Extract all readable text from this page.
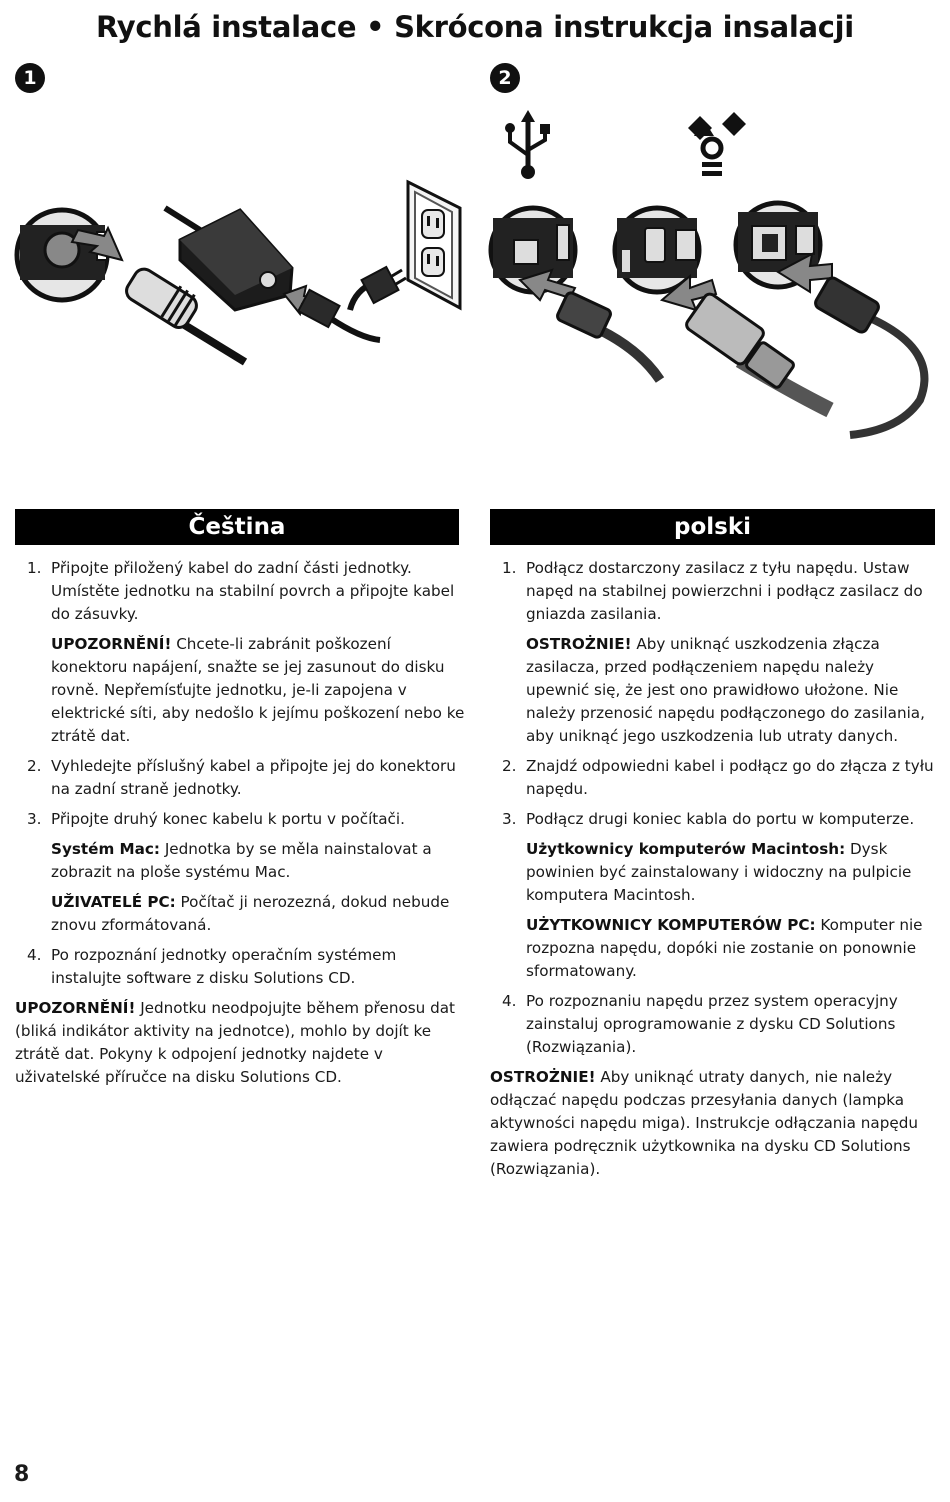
Rychlá instalace • Skrócona instrukcja insalacji
1	2
Čeština	polski
1. Připojte přiložený kabel do zadní části jednotky. Umístěte jednotku na stabilní povrch a připojte kabel do zásuvky.

UPOZORNĚNÍ! Chcete-li zabránit poškození konektoru napájení, snažte se jej zasunout do disku rovně. Nepřemísťujte jednotku, je-li zapojena v elektrické síti, aby nedošlo k jejímu poškození nebo ke ztrátě dat.

2. Vyhledejte příslušný kabel a připojte jej do konektoru na zadní straně jednotky.
3. Připojte druhý konec kabelu k portu v počítači.

Systém Mac: Jednotka by se měla nainstalovat a zobrazit na ploše systému Mac.

UŽIVATELÉ PC: Počítač ji nerozezná, dokud nebude znovu zformátovaná.

4. Po rozpoznání jednotky operačním systémem instalujte software z disku Solutions CD.

UPOZORNĚNÍ! Jednotku neodpojujte během přenosu dat (bliká indikátor aktivity na jednotce), mohlo by dojít ke ztrátě dat. Pokyny k odpojení jednotky najdete v uživatelské příručce na disku Solutions CD.

1. Podłącz dostarczony zasilacz z tyłu napędu. Ustaw napęd na stabilnej powierzchni i podłącz zasilacz do gniazda zasilania.

OSTROŻNIE! Aby uniknąć uszkodzenia złącza zasilacza, przed podłączeniem napędu należy upewnić się, że jest ono prawidłowo ułożone. Nie należy przenosić napędu podłączonego do zasilania, aby uniknąć jego uszkodzenia lub utraty danych.

2. Znajdź odpowiedni kabel i podłącz go do złącza z tyłu napędu.
3. Podłącz drugi koniec kabla do portu w komputerze.

Użytkownicy komputerów Macintosh: Dysk powinien być zainstalowany i widoczny na pulpicie komputera Macintosh.

UŻYTKOWNICY KOMPUTERÓW PC: Komputer nie rozpozna napędu, dopóki nie zostanie on ponownie sformatowany.

4. Po rozpoznaniu napędu przez system operacyjny zainstaluj oprogramowanie z dysku CD Solutions (Rozwiązania).

OSTROŻNIE! Aby uniknąć utraty danych, nie należy odłączać napędu podczas przesyłania danych (lampka aktywności napędu miga). Instrukcje odłączania napędu zawiera podręcznik użytkownika na dysku CD Solutions (Rozwiązania).

8
